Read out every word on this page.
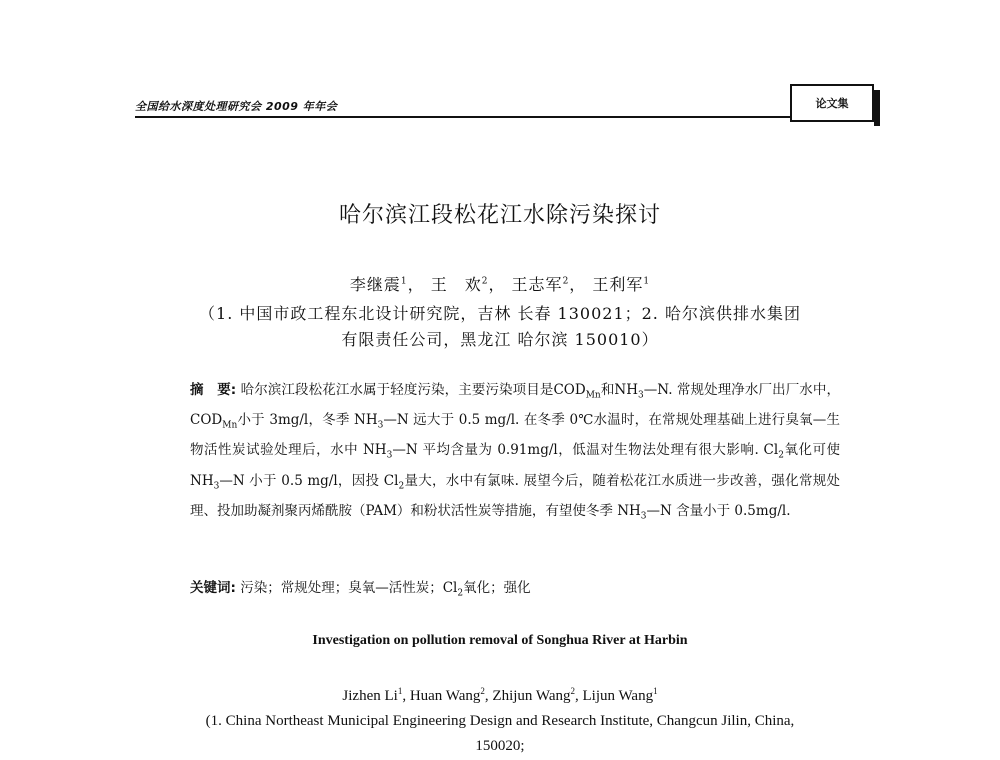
全国给水深度处理研究会 2009 年年会	论文集
哈尔滨江段松花江水除污染探讨
李继震$^1$， 王　欢$^2$， 王志军$^2$， 王利军$^1$
（1. 中国市政工程东北设计研究院，吉林 长春 130021；2. 哈尔滨供排水集团
有限责任公司，黑龙江 哈尔滨 150010）
摘　要: 哈尔滨江段松花江水属于轻度污染，主要污染项目是$COD_{Mn}$和$NH_3—N$. 常规处理净水厂出厂水中，$COD_{Mn}$小于 3mg/l，冬季 $NH_3—N$ 远大于 0.5 mg/l. 在冬季 0℃水温时，在常规处理基础上进行臭氧—生物活性炭试验处理后，水中 $NH_3—N$ 平均含量为 0.91mg/l，低温对生物法处理有很大影响. $Cl_2$氧化可使 $NH_3—N$ 小于 0.5 mg/l，因投 $Cl_2$量大，水中有氯味. 展望今后，随着松花江水质进一步改善，强化常规处理、投加助凝剂聚丙烯酰胺（PAM）和粉状活性炭等措施，有望使冬季 $NH_3—N$ 含量小于 0.5mg/l.
关键词: 污染；常规处理；臭氧—活性炭；$Cl_2$氧化；强化
Investigation on pollution removal of Songhua River at Harbin
Jizhen Li$^1$, Huan Wang$^2$, Zhijun Wang$^2$, Lijun Wang$^1$
(1. China Northeast Municipal Engineering Design and Research Institute, Changcun Jilin, China,
150020;
